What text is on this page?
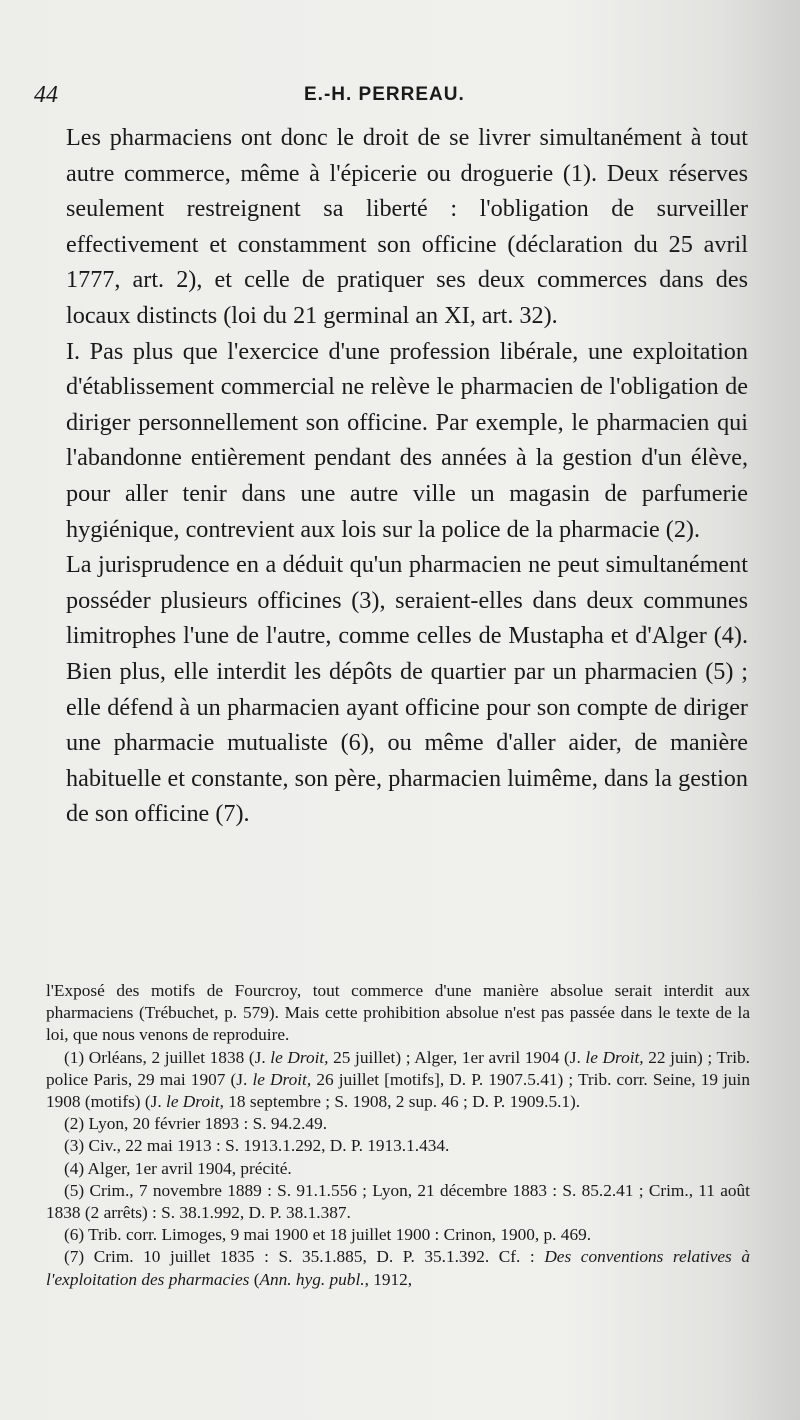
44	E.-H. PERREAU.

Les pharmaciens ont donc le droit de se livrer simultanément à tout autre commerce, même à l'épicerie ou droguerie (1). Deux réserves seulement restreignent sa liberté : l'obligation de surveiller effectivement et constamment son officine (déclaration du 25 avril 1777, art. 2), et celle de pratiquer ses deux commerces dans des locaux distincts (loi du 21 germinal an XI, art. 32).

I. Pas plus que l'exercice d'une profession libérale, une exploitation d'établissement commercial ne relève le pharmacien de l'obligation de diriger personnellement son officine. Par exemple, le pharmacien qui l'abandonne entièrement pendant des années à la gestion d'un élève, pour aller tenir dans une autre ville un magasin de parfumerie hygiénique, contrevient aux lois sur la police de la pharmacie (2).

La jurisprudence en a déduit qu'un pharmacien ne peut simultanément posséder plusieurs officines (3), seraient-elles dans deux communes limitrophes l'une de l'autre, comme celles de Mustapha et d'Alger (4). Bien plus, elle interdit les dépôts de quartier par un pharmacien (5) ; elle défend à un pharmacien ayant officine pour son compte de diriger une pharmacie mutualiste (6), ou même d'aller aider, de manière habituelle et constante, son père, pharmacien luimême, dans la gestion de son officine (7).

l'Exposé des motifs de Fourcroy, tout commerce d'une manière absolue serait interdit aux pharmaciens (Trébuchet, p. 579). Mais cette prohibition absolue n'est pas passée dans le texte de la loi, que nous venons de reproduire.

(1) Orléans, 2 juillet 1838 (J. le Droit, 25 juillet) ; Alger, 1er avril 1904 (J. le Droit, 22 juin) ; Trib. police Paris, 29 mai 1907 (J. le Droit, 26 juillet [motifs], D. P. 1907.5.41) ; Trib. corr. Seine, 19 juin 1908 (motifs) (J. le Droit, 18 septembre ; S. 1908, 2 sup. 46 ; D. P. 1909.5.1).

(2) Lyon, 20 février 1893 : S. 94.2.49.

(3) Civ., 22 mai 1913 : S. 1913.1.292, D. P. 1913.1.434.

(4) Alger, 1er avril 1904, précité.

(5) Crim., 7 novembre 1889 : S. 91.1.556 ; Lyon, 21 décembre 1883 : S. 85.2.41 ; Crim., 11 août 1838 (2 arrêts) : S. 38.1.992, D. P. 38.1.387.

(6) Trib. corr. Limoges, 9 mai 1900 et 18 juillet 1900 : Crinon, 1900, p. 469.

(7) Crim. 10 juillet 1835 : S. 35.1.885, D. P. 35.1.392. Cf. : Des conventions relatives à l'exploitation des pharmacies (Ann. hyg. publ., 1912,
